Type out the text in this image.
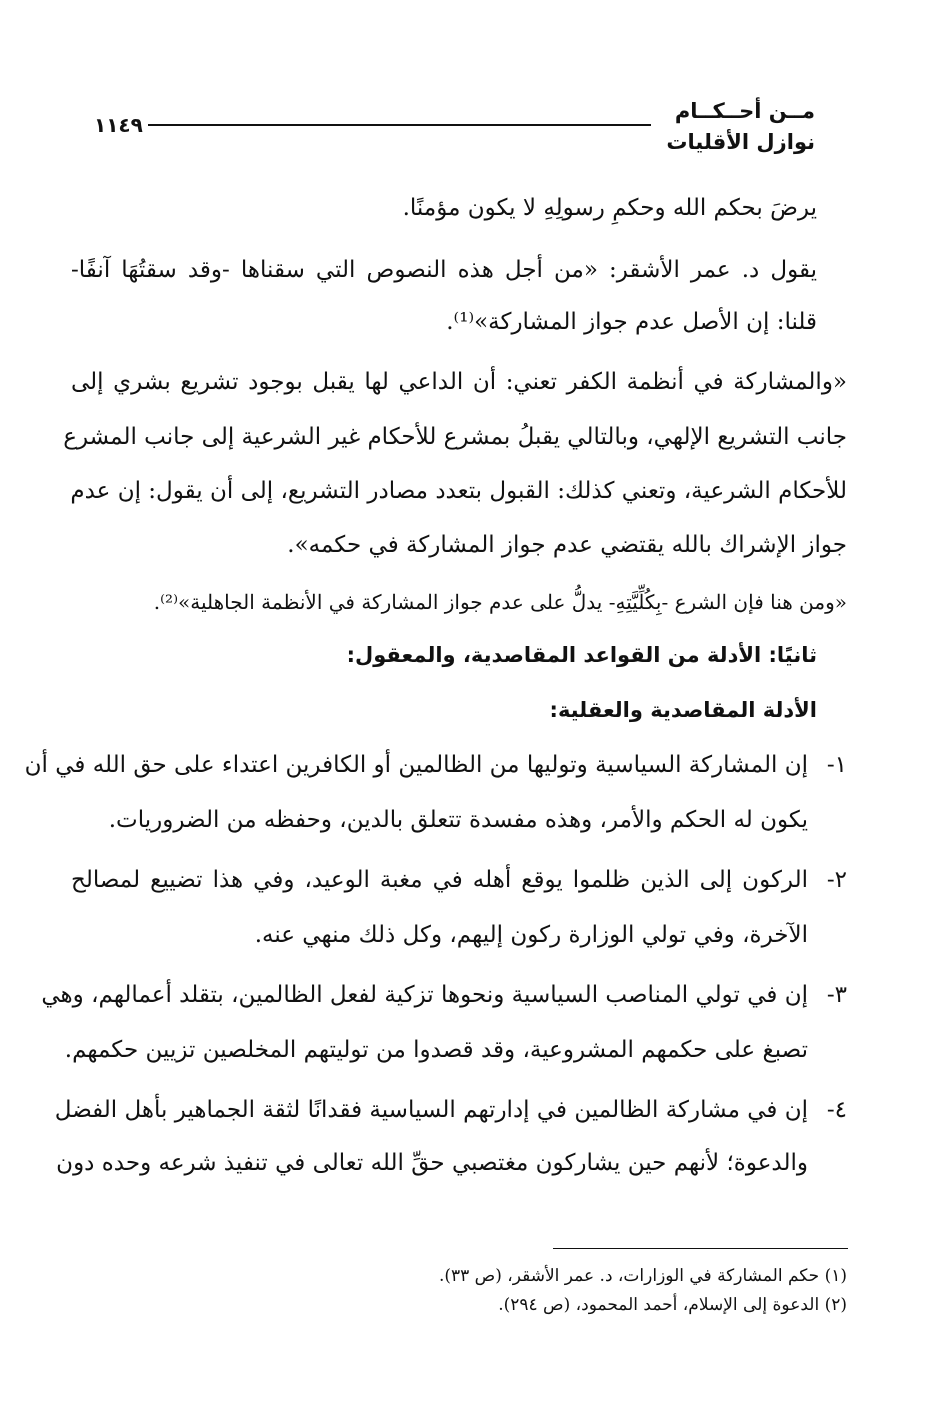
مــن أحــكــام
نوازل الأقليات
١١٤٩
يرضَ بحكم الله وحكمِ رسولِهِ لا يكون مؤمنًا.
يقول د. عمر الأشقر: «من أجل هذه النصوص التي سقناها -وقد سقتُهَا آنفًا-
قلنا: إن الأصل عدم جواز المشاركة»⁽¹⁾.
«والمشاركة في أنظمة الكفر تعني: أن الداعي لها يقبل بوجود تشريع بشري إلى
جانب التشريع الإلهي، وبالتالي يقبلُ بمشرع للأحكام غير الشرعية إلى جانب المشرع
للأحكام الشرعية، وتعني كذلك: القبول بتعدد مصادر التشريع، إلى أن يقول: إن عدم
جواز الإشراك بالله يقتضي عدم جواز المشاركة في حكمه».
«ومن هنا فإن الشرع -بِكُلِّيَّتِهِ- يدلُّ على عدم جواز المشاركة في الأنظمة الجاهلية»⁽²⁾.
ثانيًا: الأدلة من القواعد المقاصدية، والمعقول:
الأدلة المقاصدية والعقلية:
١-
إن المشاركة السياسية وتوليها من الظالمين أو الكافرين اعتداء على حق الله في أن
يكون له الحكم والأمر، وهذه مفسدة تتعلق بالدين، وحفظه من الضروريات.
٢-
الركون إلى الذين ظلموا يوقع أهله في مغبة الوعيد، وفي هذا تضييع لمصالح
الآخرة، وفي تولي الوزارة ركون إليهم، وكل ذلك منهي عنه.
٣-
إن في تولي المناصب السياسية ونحوها تزكية لفعل الظالمين، بتقلد أعمالهم، وهي
تصبغ على حكمهم المشروعية، وقد قصدوا من توليتهم المخلصين تزيين حكمهم.
٤-
إن في مشاركة الظالمين في إدارتهم السياسية فقدانًا لثقة الجماهير بأهل الفضل
والدعوة؛ لأنهم حين يشاركون مغتصبي حقِّ الله تعالى في تنفيذ شرعه وحده دون
(١) حكم المشاركة في الوزارات، د. عمر الأشقر، (ص ٣٣).
(٢) الدعوة إلى الإسلام، أحمد المحمود، (ص ٢٩٤).
